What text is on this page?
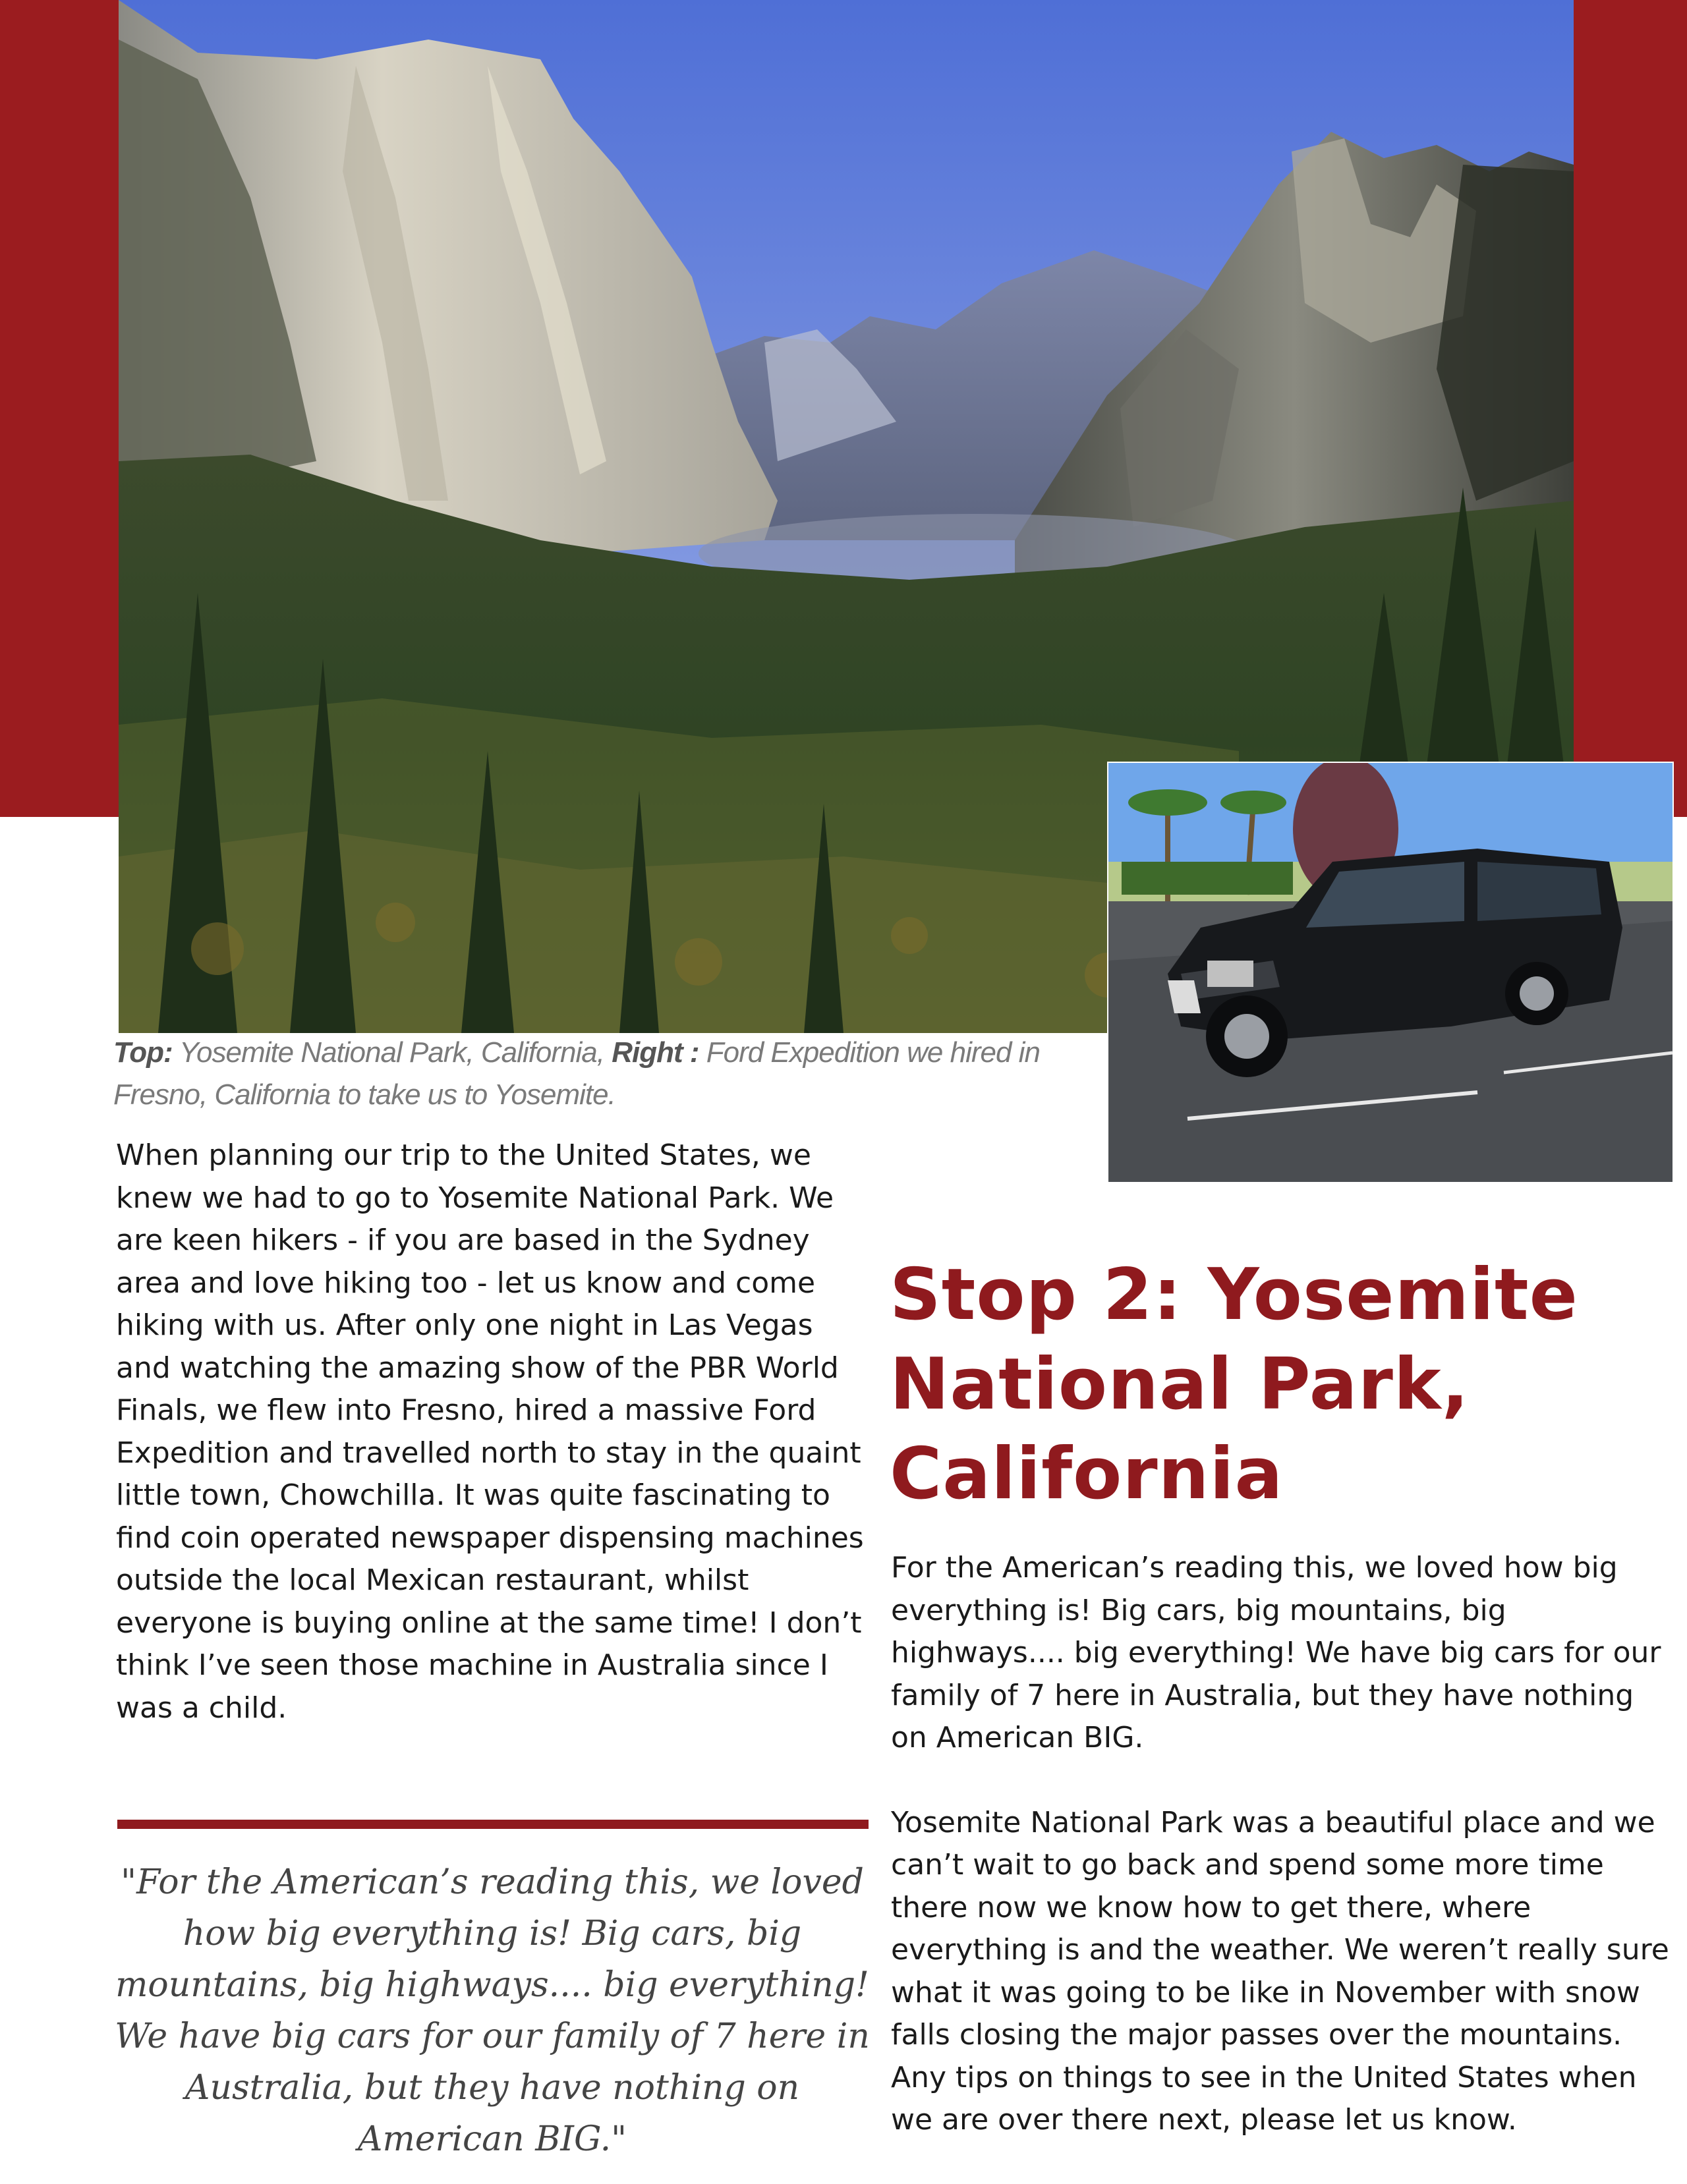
Top: Yosemite National Park, California, Right : Ford Expedition we hired in Fresno, California to take us to Yosemite.
When planning our trip to the United States, we knew we had to go to Yosemite National Park. We are keen hikers - if you are based in the Sydney area and love hiking too - let us know and come hiking with us. After only one night in Las Vegas and watching the amazing show of the PBR World Finals, we flew into Fresno, hired a massive Ford Expedition and travelled north to stay in the quaint little town, Chowchilla. It was quite fascinating to find coin operated newspaper dispensing machines outside the local Mexican restaurant, whilst everyone is buying online at the same time! I don’t think I’ve seen those machine in Australia since I was a child.
Stop 2: Yosemite National Park, California

For the American’s reading this, we loved how big everything is! Big cars, big mountains, big highways.... big everything! We have big cars for our family of 7 here in Australia, but they have nothing on American BIG.

Yosemite National Park was a beautiful place and we can’t wait to go back and spend some more time there now we know how to get there, where everything is and the weather. We weren’t really sure what it was going to be like in November with snow falls closing the major passes over the mountains. Any tips on things to see in the United States when we are over there next, please let us know.

"For the American’s reading this, we loved how big everything is! Big cars, big mountains, big highways.... big everything! We have big cars for our family of 7 here in Australia, but they have nothing on American BIG."
